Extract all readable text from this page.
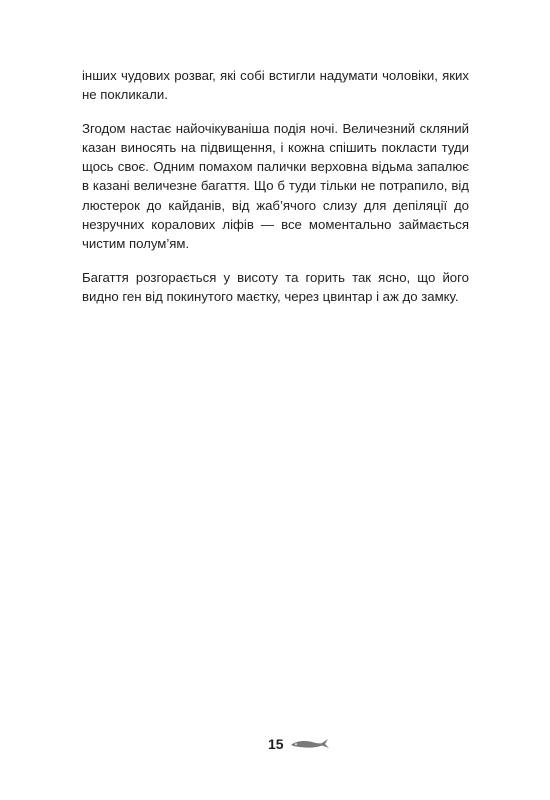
інших чудових розваг, які собі встигли надумати чоловіки, яких не покликали.

Згодом настає найочікуваніша подія ночі. Величезний скляний казан виносять на підвищення, і кожна спішить покласти туди щось своє. Одним помахом палички верховна відьма запалює в казані величезне багаття. Що б туди тільки не потрапило, від люстерок до кайданів, від жаб’ячого слизу для депіляції до незручних коралових ліфів — все моментально займається чистим полум’ям.

Багаття розгорається у висоту та горить так ясно, що його видно ген від покинутого маєтку, через цвинтар і аж до замку.

15
